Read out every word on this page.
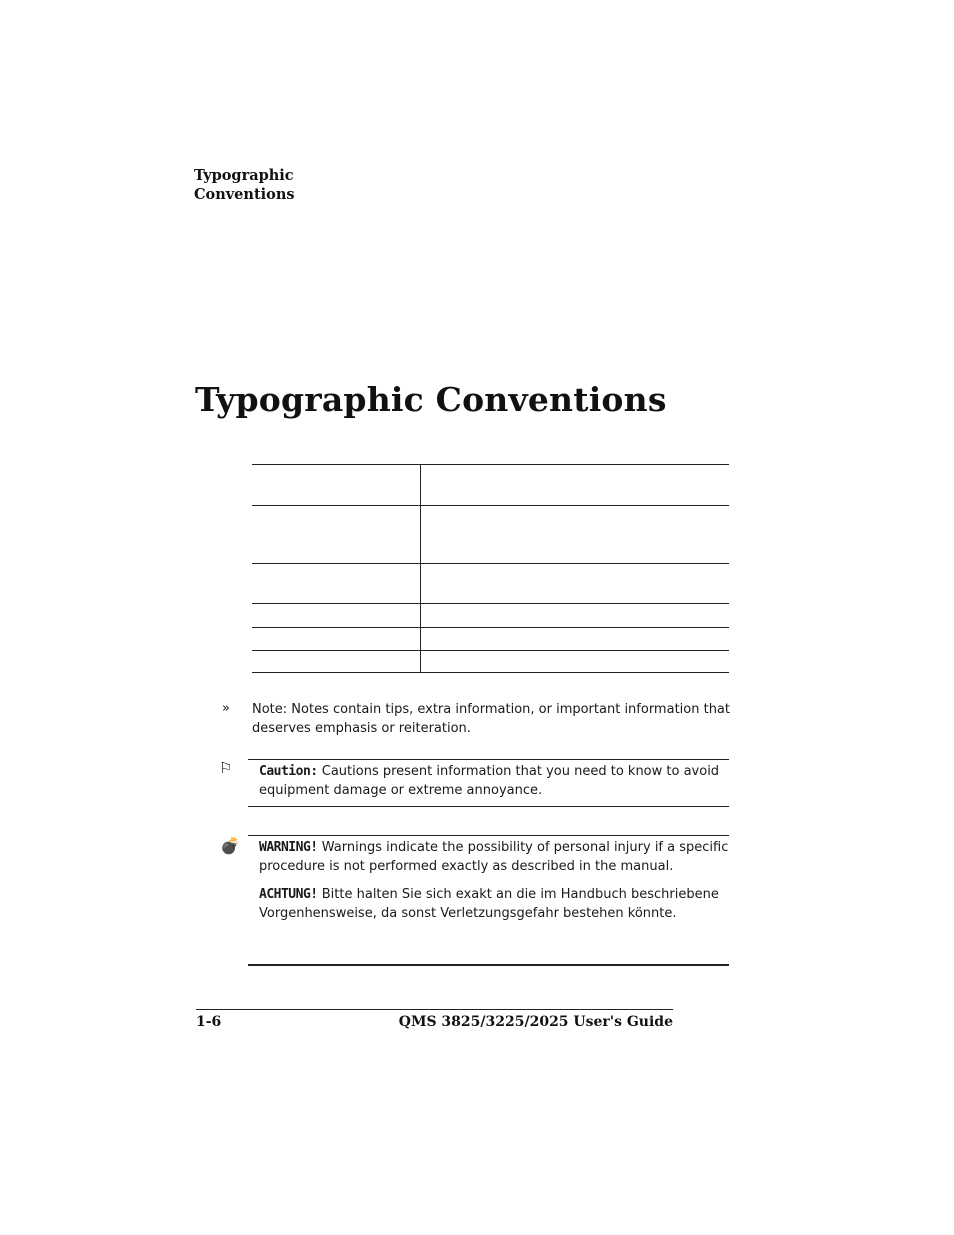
Typographic
Conventions
Typographic Conventions

» Note: Notes contain tips, extra information, or important information that deserves emphasis or reiteration.
⚐	Caution: Cautions present information that you need to know to avoid equipment damage or extreme annoyance.
💣	WARNING! Warnings indicate the possibility of personal injury if a specific procedure is not performed exactly as described in the manual.
ACHTUNG! Bitte halten Sie sich exakt an die im Handbuch beschriebene Vorgenhensweise, da sonst Verletzungsgefahr bestehen könnte.
1-6	QMS 3825/3225/2025 User's Guide
